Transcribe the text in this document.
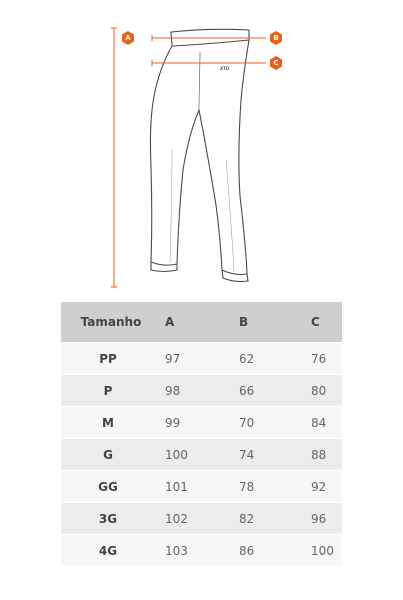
XTD
A	B
C
Tamanho	A	B	C
PP	97	62	76
P	98	66	80
M	99	70	84
G	100	74	88
GG	101	78	92
3G	102	82	96
4G	103	86	100
